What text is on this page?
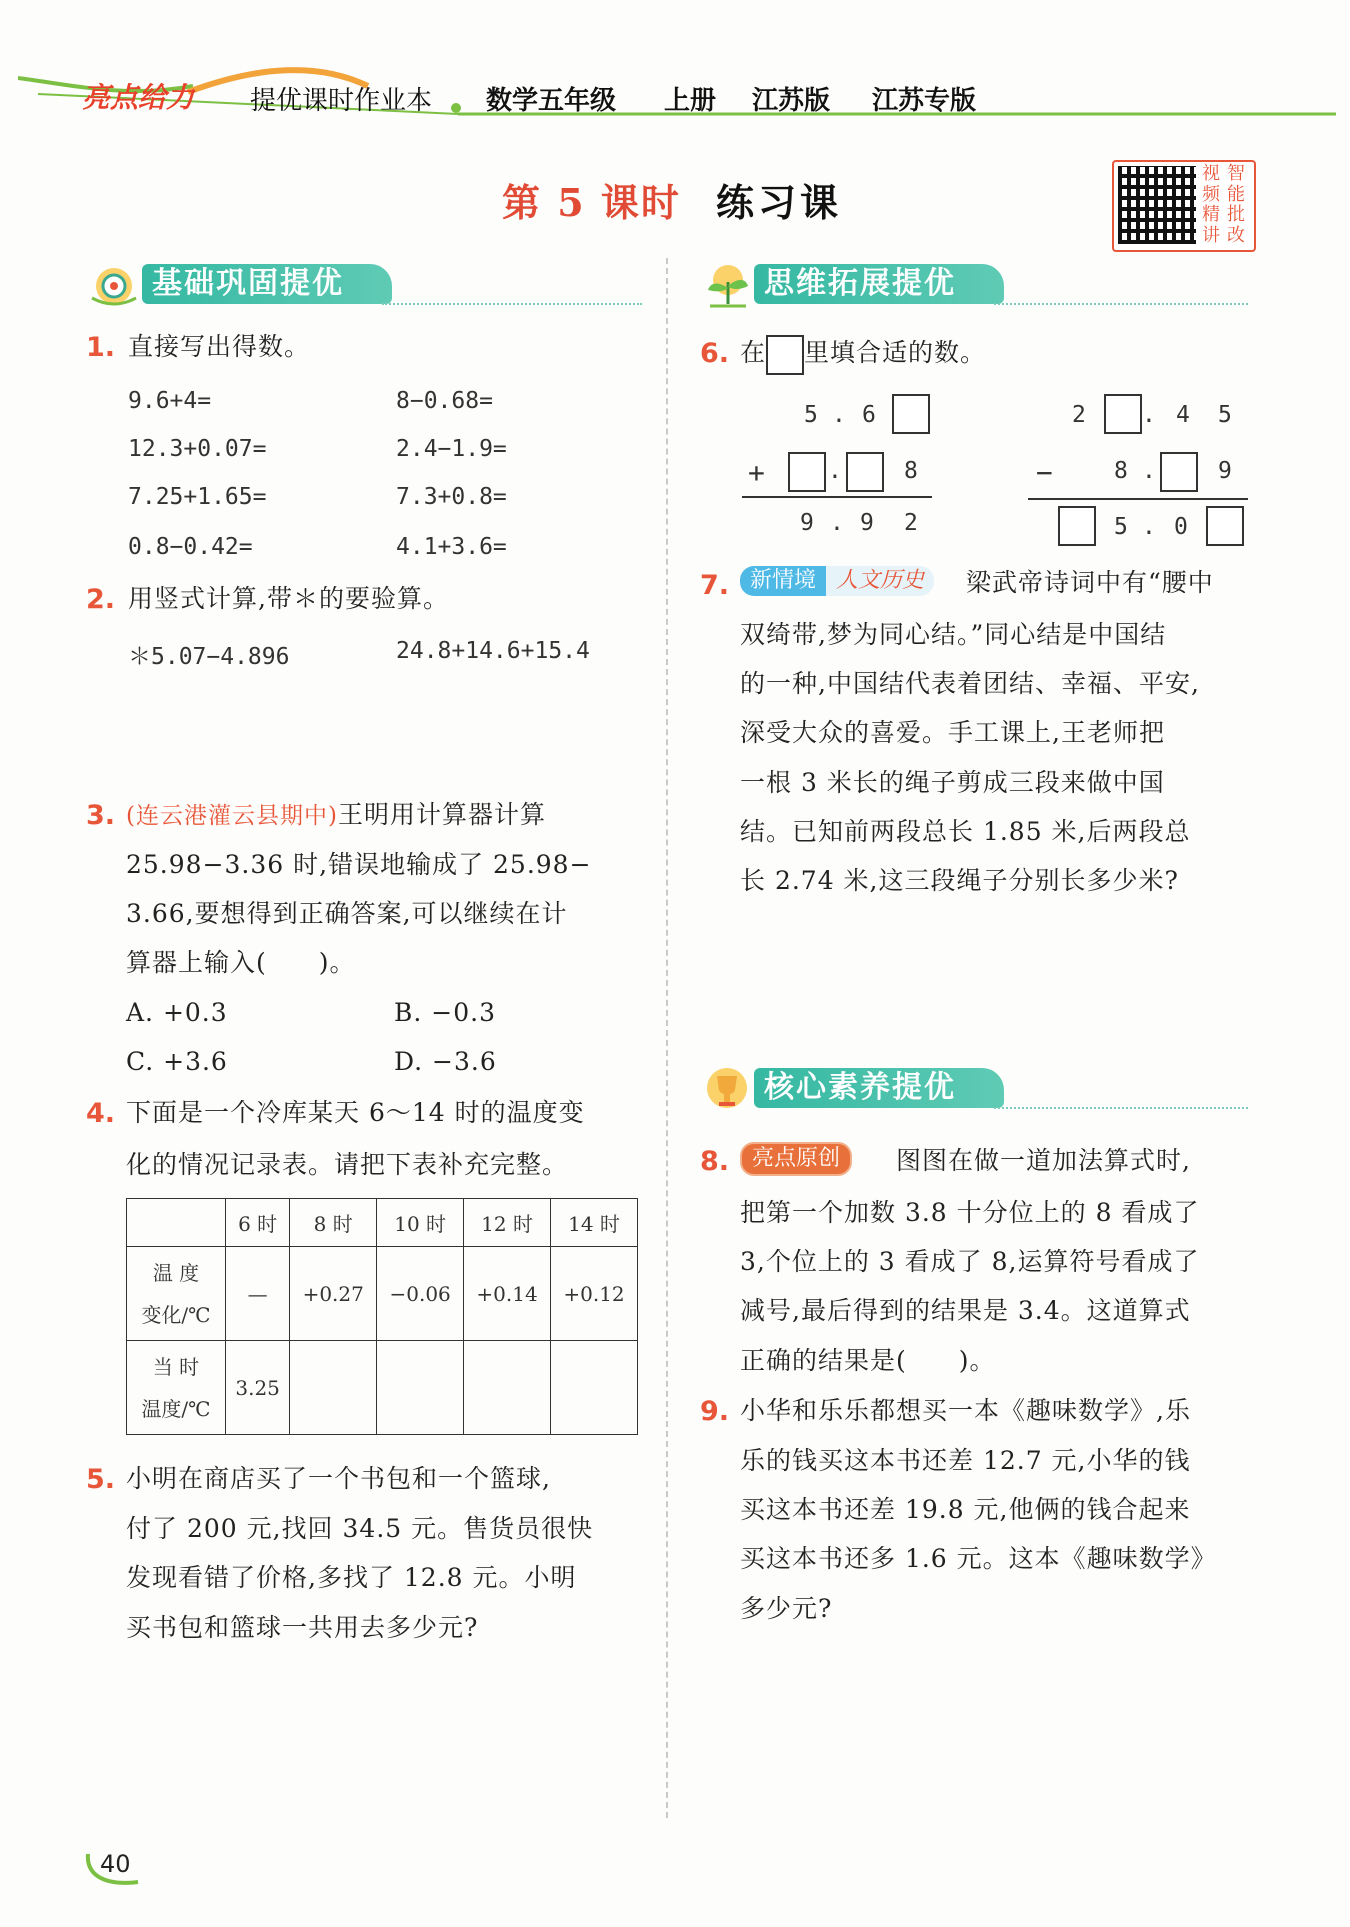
亮点给力 提优课时作业本 数学五年级 上册 江苏版 江苏专版
第 5 课时 练习课
视 智
频 能
精 批
讲 改
基础巩固提优
1. 直接写出得数。
9.6+4=	8−0.68=
12.3+0.07=	2.4−1.9=
7.25+1.65=	7.3+0.8=
0.8−0.42=	4.1+3.6=
2. 用竖式计算,带＊的要验算。
＊5.07−4.896	24.8+14.6+15.4
3. (连云港灌云县期中)王明用计算器计算
25.98−3.36 时,错误地输成了 25.98−
3.66,要想得到正确答案,可以继续在计
算器上输入(　　)。
A. +0.3	B. −0.3
C. +3.6	D. −3.6
4. 下面是一个冷库某天 6～14 时的温度变
化的情况记录表。请把下表补充完整。
	6 时	8 时	10 时	12 时	14 时
温 度
变化/℃	—	+0.27	−0.06	+0.14	+0.12
当 时
温度/℃	3.25				
5. 小明在商店买了一个书包和一个篮球,
付了 200 元,找回 34.5 元。售货员很快
发现看错了价格,多找了 12.8 元。小明
买书包和篮球一共用去多少元?
思维拓展提优
6. 在 里填合适的数。
5 . 6
+	.	8
9 . 9 2
2 . 4 5
−	8 .	9
5 . 0
7. 新情境 人文历史	梁武帝诗词中有“腰中
双绮带,梦为同心结。”同心结是中国结
的一种,中国结代表着团结、幸福、平安,
深受大众的喜爱。手工课上,王老师把
一根 3 米长的绳子剪成三段来做中国
结。已知前两段总长 1.85 米,后两段总
长 2.74 米,这三段绳子分别长多少米?
核心素养提优
8.	亮点原创	图图在做一道加法算式时,
把第一个加数 3.8 十分位上的 8 看成了
3,个位上的 3 看成了 8,运算符号看成了
减号,最后得到的结果是 3.4。这道算式
正确的结果是(　　)。
9. 小华和乐乐都想买一本《趣味数学》,乐
乐的钱买这本书还差 12.7 元,小华的钱
买这本书还差 19.8 元,他俩的钱合起来
买这本书还多 1.6 元。这本《趣味数学》
多少元?
40
